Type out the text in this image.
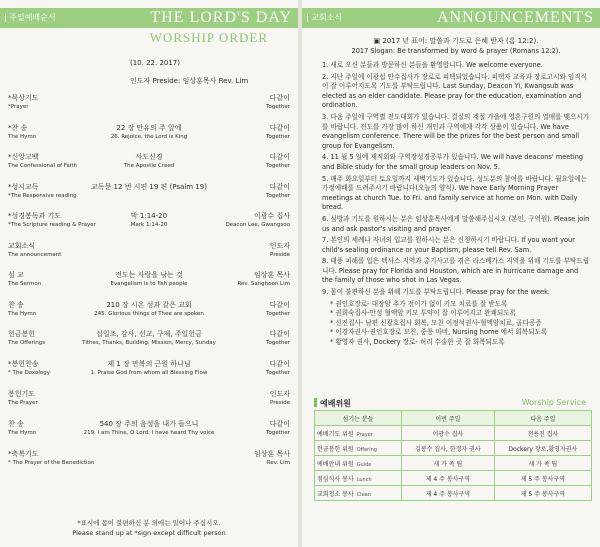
| 주일예배순서	THE LORD'S DAY
WORSHIP ORDER
(10. 22. 2017)
인도자 Preside: 임상훈목사 Rev. Lim
*묵상기도	다같이
*Prayer	Together
*찬 송	22 장 만유의 주 앞에	다같이
The Hymn	26. Rejoice, the Lord is King	Together
*신앙고백	사도신경	다같이
The Confessional of Faith	The Apostle Creed	Together
*성시교독	교독문 12 번 시편 19 편 (Psalm 19)	다같이
*The Responsive reading	Together
*성경봉독과 기도	막 1:14-20	이광수 집사
*The Scripture reading & Prayer	Mark 1:14-20	Deacon Lee, Gwangsoo
교회소식	인도자
The announcement	Preside
설 교	전도는 사랑을 낚는 것	임상훈 목사
The Sermon	Evangelism is to fish people	Rev. Sanghoon Lim
찬 송	210 장 시온 성과 같은 교회	다같이
The Hymn	245. Glorious things of Thee are spoken	Together
헌금봉헌	십일조, 감사, 선교, 구제, 주일헌금	다같이
The Offerings	Tithes, Thanks, Building, Mission, Mercy, Sunday	Together
*봉헌찬송	제 1 장 만복의 근원 하나님	다같이
* The Doxology	1. Praise God from whom all Blessing Flow	Together
봉헌기도	인도자
The Prayer	Preside
찬 송	540 장 주의 음성을 내가 들으니	다같이
The Hymn	219. I am Thine, O Lord, I have heard Thy voice	Together
*축복기도	임상훈 목사
* The Prayer of the Benediction	Rev. Lim
*표시에 몸이 불편하신 분 외에는 일어나 주십시오.
Please stand up at *sign except difficult person
| 교회소식	ANNOUNCEMENTS
▣ 2017 년 표어: 말씀과 기도로 은혜 받자 (롬 12:2).
2017 Slogan: Be transformed by word & prayer (Romans 12:2).
1. 새로 오신 분들과 방문하신 분들을 환영합니다. We welcome everyone.
2. 지난 주일에 이광섭 안수집사가 장로로 피택되었습니다. 피택자 교육과 장로고시와 임직식이 잘 이루어지도록 기도를 부탁드립니다. Last Sunday, Deacon Yi, Kwangsub was elected as an elder candidate. Please pray for the education, examination and ordination.
3. 다음 주일에 구역별 전도대회가 있습니다. 결실의 계절 가을에 영혼구원의 열매를 맺으시기를 바랍니다. 전도를 가장 많이 하신 개인과 구역에게 각각 상품이 있습니다. We have evangelism conference. There will be the prizes for the best person and small group for Evangelism.
4. 11 월 5 일에 재직회와 구역장성경공부가 있습니다. We will have deacons' meeting and Bible study for the small group leaders on Nov. 5.
5. 매주 화요일부터 토요일까지 새벽기도가 있습니다. 성도분의 참여를 바랍니다. 월요일에는 가정에배를 드려주시기 바랍니다(오늘의 양식). We have Early Morning Prayer meetings at church Tue. to Fri. and family service at home on Mon. with Daily bread.
6. 심방과 기도를 원하시는 분은 임상훈목사에게 말씀해주십시오 (본인, 구역원). Please join us and ask pastor's visiting and prayer.
7. 본인의 세례나 자녀의 입교를 원하시는 분은 신청하시기 바랍니다. If you want your child's sealing ordinance or your Baptism, please tell Rev. Sam.
8. 태풍 피해를 입은 텍사스 지역과 총기사고를 겪은 라스베가스 지역을 위해 기도를 부탁드립니다. Please pray for Florida and Houston, which are in hurricane damage and the family of those who shot in Las Vegas.
9. 몸이 불편하신 분을 위해 기도를 부탁드립니다. Please pray for the week.
* 권인호장로- 대장암 추가 전이가 없이 키모 치료를 잘 받도록
* 권희숙집사-만성 혈액암 키모 투약이 잘 이루어지고 완쾌되도록
* 신진집사- 남편 신광호집사 회복, 모친 이정석권사-혈액암치료, 골다공증
* 이경자권사-권인호장로 모친, 중풍 마비, Nursing home 에서 회복되도록
* 황영자 권사, Dockery 장로- 허리 수술한 곳 잘 회복되도록
예배위원	Worship Service
섬기는 분들	이번 주일	다음 주일
예배기도 위원 Prayer	이광수 집사	전용진 집사
헌금봉헌 위원 Offering	김봉수 집사, 한정자 권사	Dockery 장로,황영자권사
예배안내 위원 Guide	새 가 족 팀	새 가 족 팀
점심식사 봉사 Lunch	제 4 주 봉사구역	제 5 주 봉사구역
교회청소 봉사 Clean	제 4 주 봉사구역	제 5 주 봉사구역
